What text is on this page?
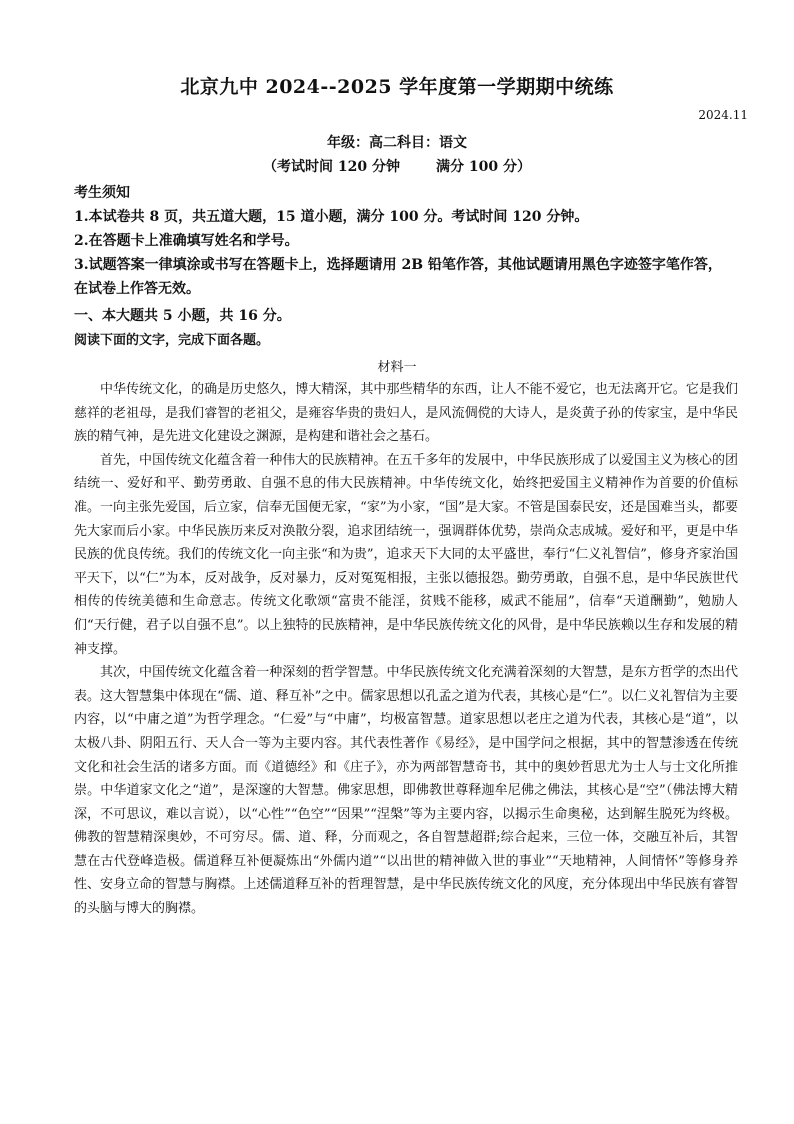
北京九中 2024--2025 学年度第一学期期中统练
2024.11
年级：高二科目：语文
（考试时间 120 分钟	满分 100 分）
考生须知
1.本试卷共 8 页，共五道大题，15 道小题，满分 100 分。考试时间 120 分钟。
2.在答题卡上准确填写姓名和学号。
3.试题答案一律填涂或书写在答题卡上，选择题请用 2B 铅笔作答，其他试题请用黑色字迹签字笔作答，在试卷上作答无效。
一、本大题共 5 小题，共 16 分。
阅读下面的文字，完成下面各题。
材料一

中华传统文化，的确是历史悠久，博大精深，其中那些精华的东西，让人不能不爱它，也无法离开它。它是我们慈祥的老祖母，是我们睿智的老祖父，是雍容华贵的贵妇人，是风流倜傥的大诗人，是炎黄子孙的传家宝，是中华民族的精气神，是先进文化建设之渊源，是构建和谐社会之基石。

首先，中国传统文化蕴含着一种伟大的民族精神。在五千多年的发展中，中华民族形成了以爱国主义为核心的团结统一、爱好和平、勤劳勇敢、自强不息的伟大民族精神。中华传统文化，始终把爱国主义精神作为首要的价值标准。一向主张先爱国，后立家，信奉无国便无家，“家”为小家，“国”是大家。不管是国泰民安，还是国难当头，都要先大家而后小家。中华民族历来反对涣散分裂，追求团结统一，强调群体优势，崇尚众志成城。爱好和平，更是中华民族的优良传统。我们的传统文化一向主张“和为贵”，追求天下大同的太平盛世，奉行“仁义礼智信”，修身齐家治国平天下，以“仁”为本，反对战争，反对暴力，反对冤冤相报，主张以德报怨。勤劳勇敢，自强不息，是中华民族世代相传的传统美德和生命意志。传统文化歌颂“富贵不能淫，贫贱不能移，威武不能屈”，信奉“天道酬勤”，勉励人们“天行健，君子以自强不息”。以上独特的民族精神，是中华民族传统文化的风骨，是中华民族赖以生存和发展的精神支撑。

其次，中国传统文化蕴含着一种深刻的哲学智慧。中华民族传统文化充满着深刻的大智慧，是东方哲学的杰出代表。这大智慧集中体现在“儒、道、释互补”之中。儒家思想以孔孟之道为代表，其核心是“仁”。以仁义礼智信为主要内容，以“中庸之道”为哲学理念。“仁爱”与“中庸”，均极富智慧。道家思想以老庄之道为代表，其核心是“道”，以太极八卦、阴阳五行、天人合一等为主要内容。其代表性著作《易经》，是中国学问之根据，其中的智慧渗透在传统文化和社会生活的诸多方面。而《道德经》和《庄子》，亦为两部智慧奇书，其中的奥妙哲思尤为士人与士文化所推崇。中华道家文化之“道”，是深邃的大智慧。佛家思想，即佛教世尊释迦牟尼佛之佛法，其核心是“空”（佛法博大精深，不可思议，难以言说），以“心性”“色空”“因果”“涅槃”等为主要内容，以揭示生命奥秘，达到解生脱死为终极。佛教的智慧精深奥妙，不可穷尽。儒、道、释，分而观之，各自智慧超群;综合起来，三位一体，交融互补后，其智慧在古代登峰造极。儒道释互补便凝炼出“外儒内道”“以出世的精神做入世的事业”“天地精神，人间情怀”等修身养性、安身立命的智慧与胸襟。上述儒道释互补的哲理智慧，是中华民族传统文化的风度，充分体现出中华民族有睿智的头脑与博大的胸襟。
